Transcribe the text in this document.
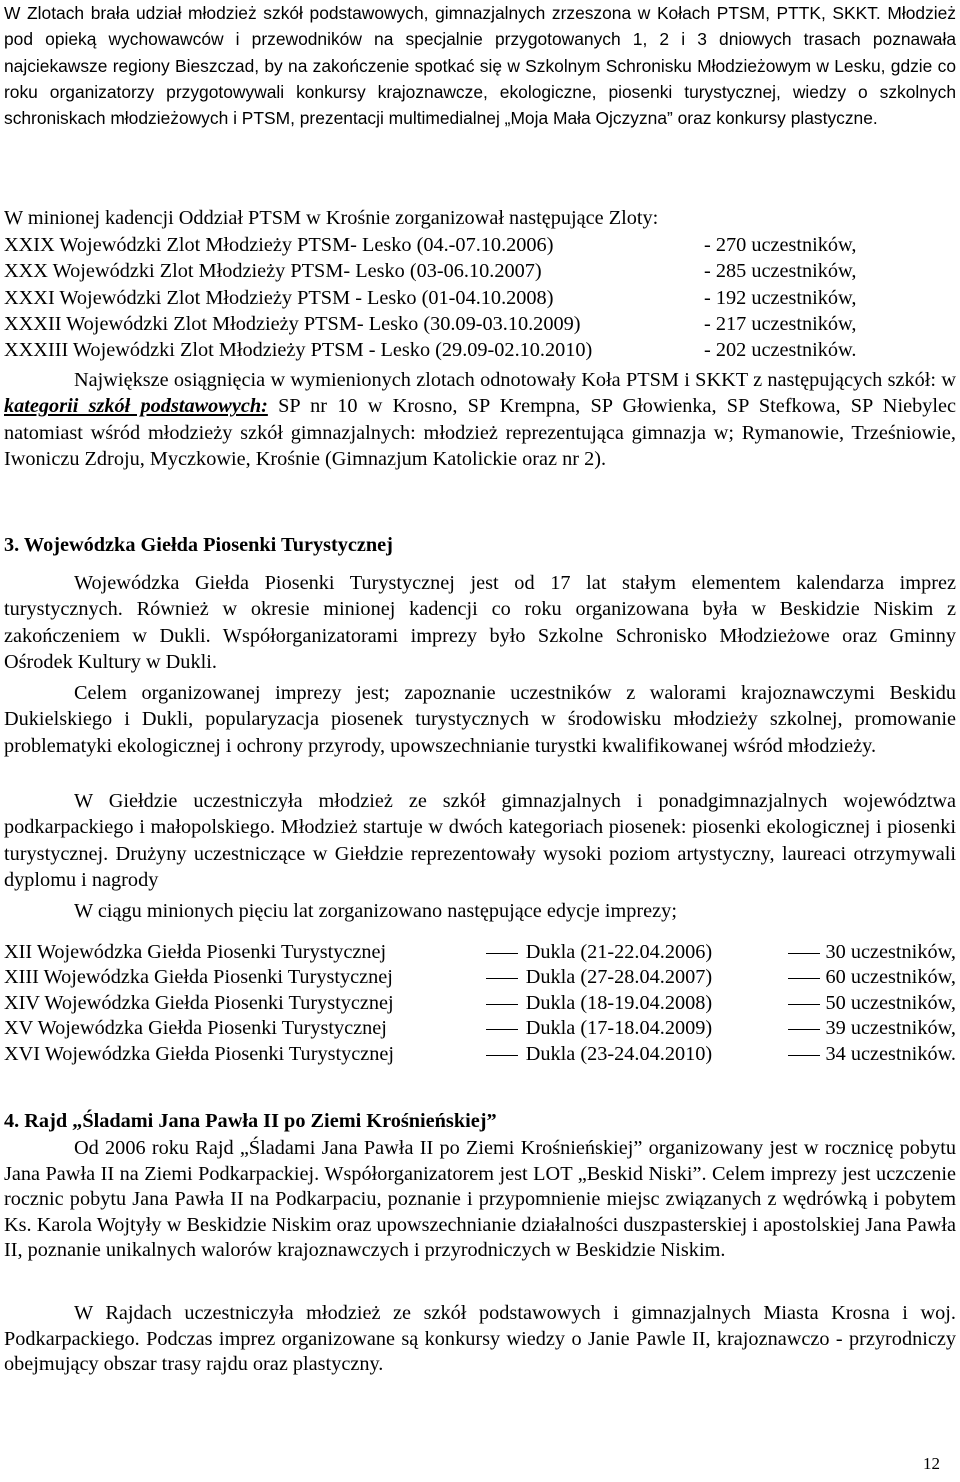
W Zlotach brała udział młodzież szkół podstawowych, gimnazjalnych zrzeszona w Kołach PTSM, PTTK, SKKT. Młodzież pod opieką wychowawców i przewodników na specjalnie przygotowanych 1, 2 i 3 dniowych trasach poznawała najciekawsze regiony Bieszczad, by na zakończenie spotkać się w Szkolnym Schronisku Młodzieżowym w Lesku, gdzie co roku organizatorzy przygotowywali konkursy krajoznawcze, ekologiczne, piosenki turystycznej, wiedzy o szkolnych schroniskach młodzieżowych i PTSM, prezentacji multimedialnej „Moja Mała Ojczyzna” oraz konkursy plastyczne.

W minionej kadencji Oddział PTSM w Krośnie zorganizował następujące Zloty:

XXIX Wojewódzki Zlot Młodzieży PTSM- Lesko (04.-07.10.2006)	- 270 uczestników,
XXX Wojewódzki Zlot Młodzieży PTSM- Lesko (03-06.10.2007)	- 285 uczestników,
XXXI Wojewódzki Zlot Młodzieży PTSM - Lesko (01-04.10.2008)	- 192 uczestników,
XXXII Wojewódzki Zlot Młodzieży PTSM- Lesko (30.09-03.10.2009)	- 217 uczestników,
XXXIII Wojewódzki Zlot Młodzieży PTSM - Lesko (29.09-02.10.2010)	- 202 uczestników.

Największe osiągnięcia w wymienionych zlotach odnotowały Koła PTSM i SKKT z następujących szkół: w kategorii szkół podstawowych: SP nr 10 w Krosno, SP Krempna, SP Głowienka, SP Stefkowa, SP Niebylec natomiast wśród młodzieży szkół gimnazjalnych: młodzież reprezentująca gimnazja w; Rymanowie, Trześniowie, Iwoniczu Zdroju, Myczkowie, Krośnie (Gimnazjum Katolickie oraz nr 2).

3. Wojewódzka Giełda Piosenki Turystycznej

Wojewódzka Giełda Piosenki Turystycznej jest od 17 lat stałym elementem kalendarza imprez turystycznych. Również w okresie minionej kadencji co roku organizowana była w Beskidzie Niskim z zakończeniem w Dukli. Współorganizatorami imprezy było Szkolne Schronisko Młodzieżowe oraz Gminny Ośrodek Kultury w Dukli.

Celem organizowanej imprezy jest; zapoznanie uczestników z walorami krajoznawczymi Beskidu Dukielskiego i Dukli, popularyzacja piosenek turystycznych w środowisku młodzieży szkolnej, promowanie problematyki ekologicznej i ochrony przyrody, upowszechnianie turystki kwalifikowanej wśród młodzieży.

W Giełdzie uczestniczyła młodzież ze szkół gimnazjalnych i ponadgimnazjalnych województwa podkarpackiego i małopolskiego. Młodzież startuje w dwóch kategoriach piosenek: piosenki ekologicznej i piosenki turystycznej. Drużyny uczestniczące w Giełdzie reprezentowały wysoki poziom artystyczny, laureaci otrzymywali dyplomu i nagrody

W ciągu minionych pięciu lat zorganizowano następujące edycje imprezy;

XII Wojewódzka Giełda Piosenki Turystycznej	Dukla (21-22.04.2006)	30 uczestników,
XIII Wojewódzka Giełda Piosenki Turystycznej	Dukla (27-28.04.2007)	60 uczestników,
XIV Wojewódzka Giełda Piosenki Turystycznej	Dukla (18-19.04.2008)	50 uczestników,
XV Wojewódzka Giełda Piosenki Turystycznej	Dukla (17-18.04.2009)	39 uczestników,
XVI Wojewódzka Giełda Piosenki Turystycznej	Dukla (23-24.04.2010)	34 uczestników.
4. Rajd „Śladami Jana Pawła II po Ziemi Krośnieńskiej”

Od 2006 roku Rajd „Śladami Jana Pawła II po Ziemi Krośnieńskiej” organizowany jest w rocznicę pobytu Jana Pawła II na Ziemi Podkarpackiej. Współorganizatorem jest LOT „Beskid Niski”. Celem imprezy jest uczczenie rocznic pobytu Jana Pawła II na Podkarpaciu, poznanie i przypomnienie miejsc związanych z wędrówką i pobytem Ks. Karola Wojtyły w Beskidzie Niskim oraz upowszechnianie działalności duszpasterskiej i apostolskiej Jana Pawła II, poznanie unikalnych walorów krajoznawczych i przyrodniczych w Beskidzie Niskim.

W Rajdach uczestniczyła młodzież ze szkół podstawowych i gimnazjalnych Miasta Krosna i woj. Podkarpackiego. Podczas imprez organizowane są konkursy wiedzy o Janie Pawle II, krajoznawczo - przyrodniczy obejmujący obszar trasy rajdu oraz plastyczny.

12
